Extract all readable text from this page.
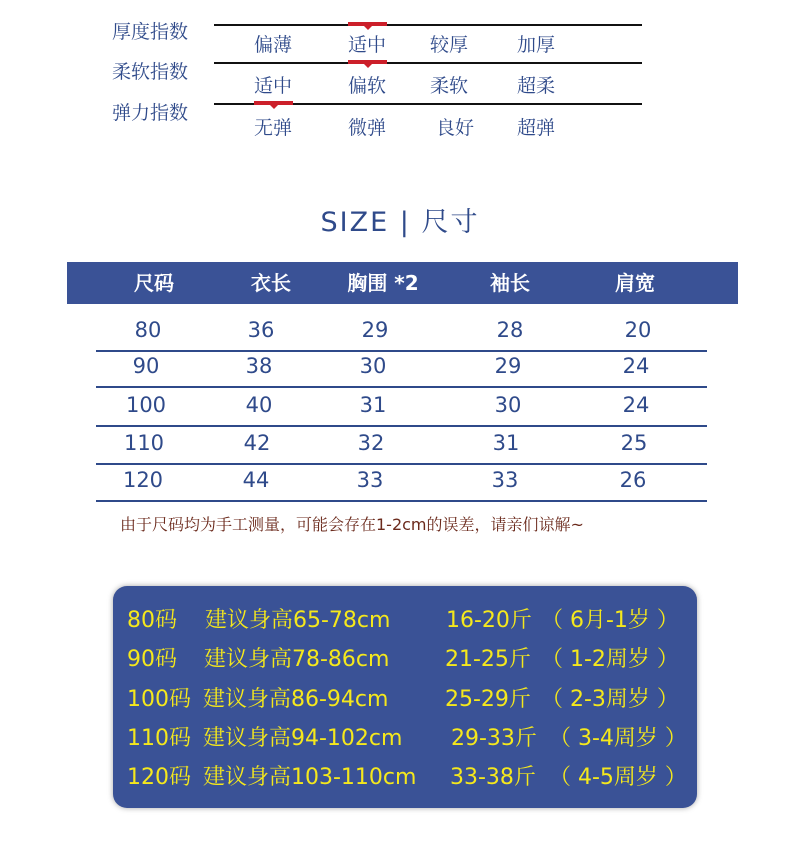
厚度指数
偏薄	适中 较厚	加厚
柔软指数
适中	偏软 柔软	超柔
弹力指数
无弹	微弹	良好 超弹
SIZE | 尺寸
尺码	衣长	胸围 *2	袖长	肩宽
80	36	29	28	20
90	38	30	29	24
100	40	31	30	24
110	42	32	31	25
120	44	33	33	26
由于尺码均为手工测量，可能会存在1-2cm的误差，请亲们谅解~
80码 建议身高65-78cm	16-20斤 （ 6月-1岁 ）
90码 建议身高78-86cm	21-25斤 （ 1-2周岁 ）
100码 建议身高86-94cm	25-29斤 （ 2-3周岁 ）
110码 建议身高94-102cm 29-33斤 （ 3-4周岁 ）
120码 建议身高103-110cm 33-38斤 （ 4-5周岁 ）
